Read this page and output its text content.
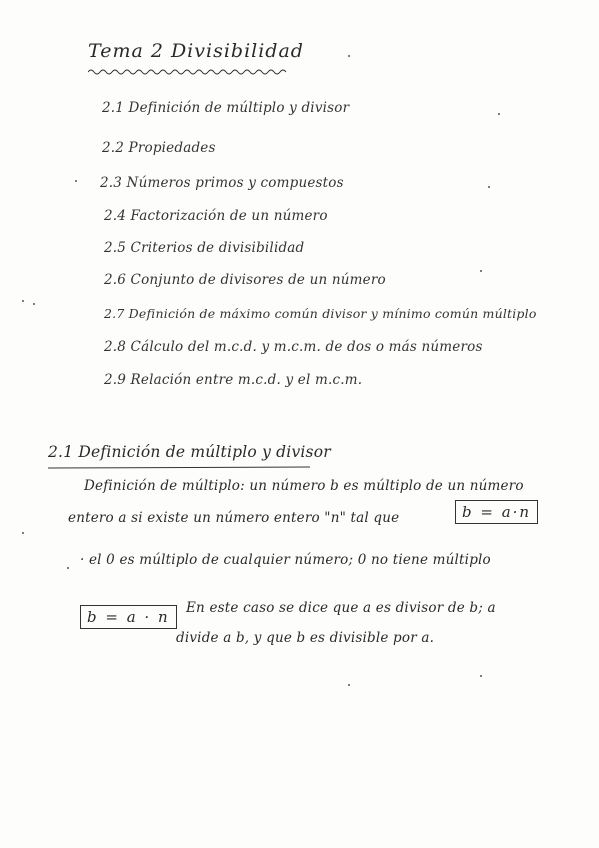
Tema 2 Divisibilidad
2.1 Definición de múltiplo y divisor
2.2 Propiedades
2.3 Números primos y compuestos
2.4 Factorización de un número
2.5 Criterios de divisibilidad
2.6 Conjunto de divisores de un número
2.7 Definición de máximo común divisor y mínimo común múltiplo
2.8 Cálculo del m.c.d. y m.c.m. de dos o más números
2.9 Relación entre m.c.d. y el m.c.m.
2.1 Definición de múltiplo y divisor
Definición de múltiplo: un número b es múltiplo de un número
entero a si existe un número entero "n" tal que	b = a·n
· el 0 es múltiplo de cualquier número; 0 no tiene múltiplo
b = a · n	En este caso se dice que a es divisor de b; a
divide a b, y que b es divisible por a.
